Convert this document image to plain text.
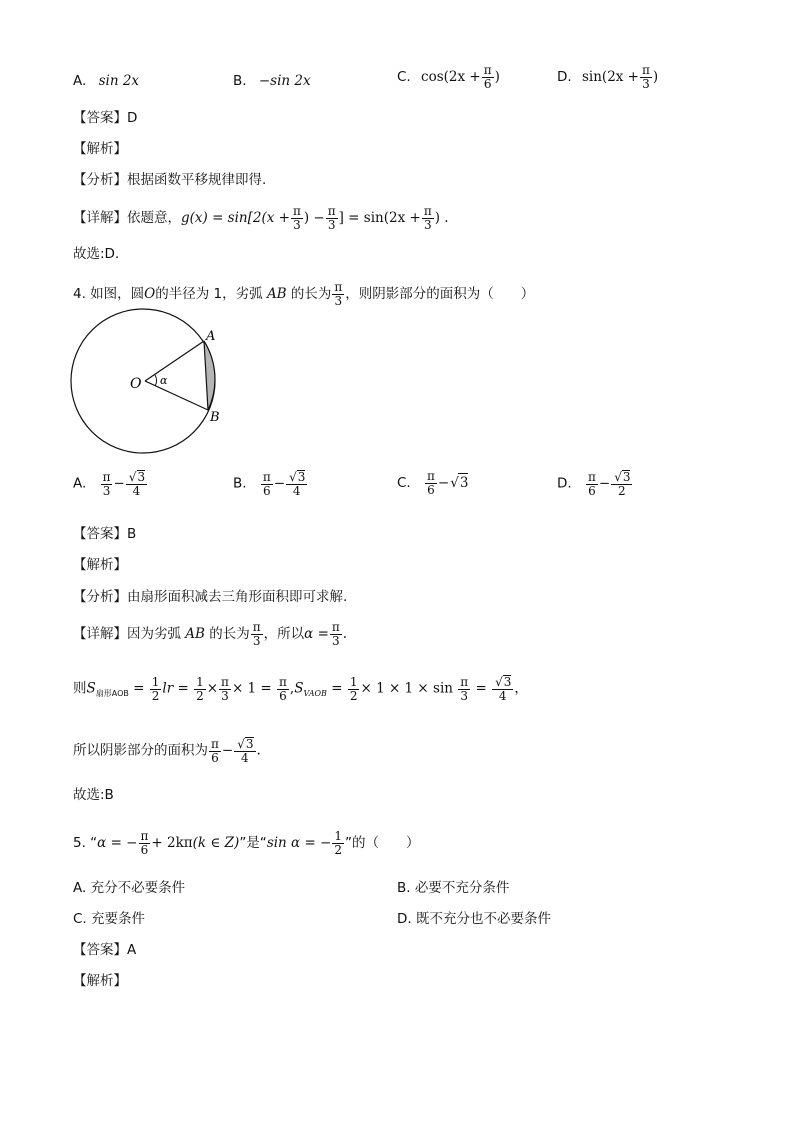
A. sin 2x	B. −sin 2x	C. $\cos(2x + \frac{\pi}{6}$ )	D. $\sin(2x + \frac{\pi}{3}$ )
【答案】D
【解析】
【分析】根据函数平移规律即得.
【详解】依题意，$g(x) = \sin[2(x + \frac{\pi}{3}$ ) − $\frac{\pi}{3}$ ] = $\sin(2x + \frac{\pi}{3}$ ) .
故选:D.
4. 如图，圆O的半径为 1，劣弧 AB 的长为 $\frac{\pi}{3}$ ，则阴影部分的面积为（　　）
O
A
B
α
A. $\frac{\pi}{3}$ − √ $\frac{3}{4}$	B. $\frac{\pi}{6}$ − √ $\frac{3}{4}$	C. $\frac{\pi}{6}$ − √ 3	D. $\frac{\pi}{6}$ − √ $\frac{3}{2}$
【答案】B
【解析】
【分析】由扇形面积减去三角形面积即可求解.
【详解】因为劣弧 AB 的长为 $\frac{\pi}{3}$ ，所以$\alpha = \frac{\pi}{3}$ .
则$S_{扇形AOB} = \frac{1}{2}$ lr = $\frac{1}{2} \times \frac{\pi}{3} \times 1 = \frac{\pi}{6} ,S_{VAOB} = \frac{1}{2} \times 1 \times 1 \times \sin \frac{\pi}{3}$ = √ $\frac{3}{4}$ ，
所以阴影部分的面积为 $\frac{\pi}{6}$ − √ $\frac{3}{4}$ .
故选:B
5. “α = − $\frac{\pi}{6} + 2k\pi(k$ ∈ Z)”是“sin α = − $\frac{1}{2}$ ”的（　　）
A. 充分不必要条件	B. 必要不充分条件
C. 充要条件	D. 既不充分也不必要条件
【答案】A
【解析】
